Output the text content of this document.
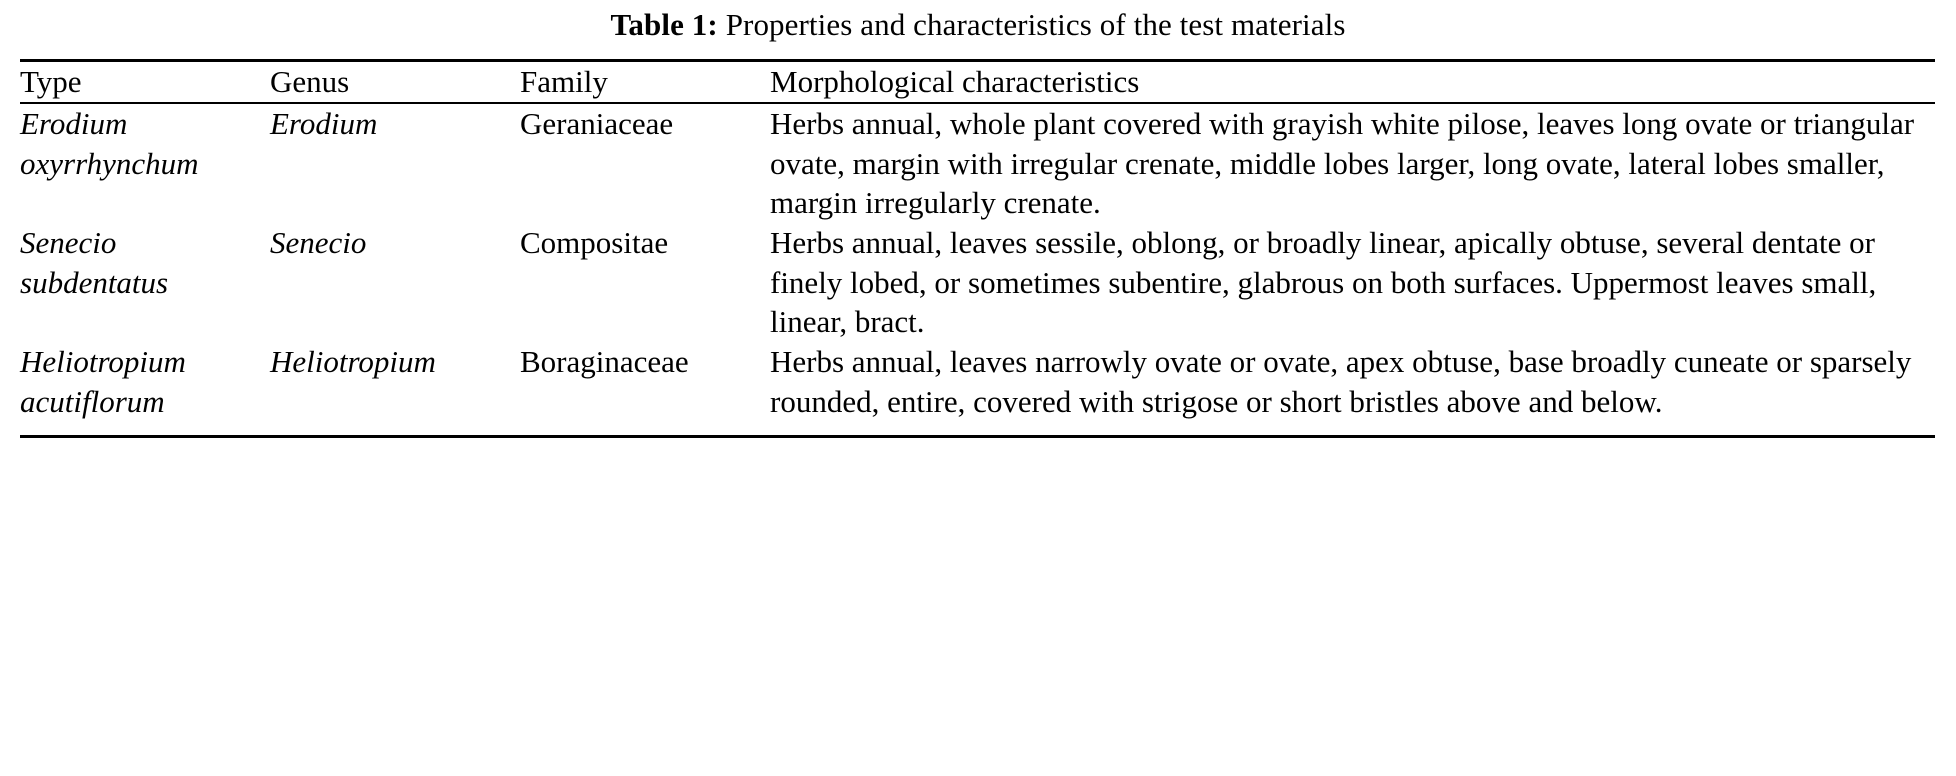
Table 1: Properties and characteristics of the test materials
Type	Genus	Family	Morphological characteristics
Erodium oxyrrhynchum	Erodium	Geraniaceae	Herbs annual, whole plant covered with grayish white pilose, leaves long ovate or triangular ovate, margin with irregular crenate, middle lobes larger, long ovate, lateral lobes smaller, margin irregularly crenate.
Senecio subdentatus	Senecio	Compositae	Herbs annual, leaves sessile, oblong, or broadly linear, apically obtuse, several dentate or finely lobed, or sometimes subentire, glabrous on both surfaces. Uppermost leaves small, linear, bract.
Heliotropium acutiflorum	Heliotropium	Boraginaceae	Herbs annual, leaves narrowly ovate or ovate, apex obtuse, base broadly cuneate or sparsely rounded, entire, covered with strigose or short bristles above and below.
